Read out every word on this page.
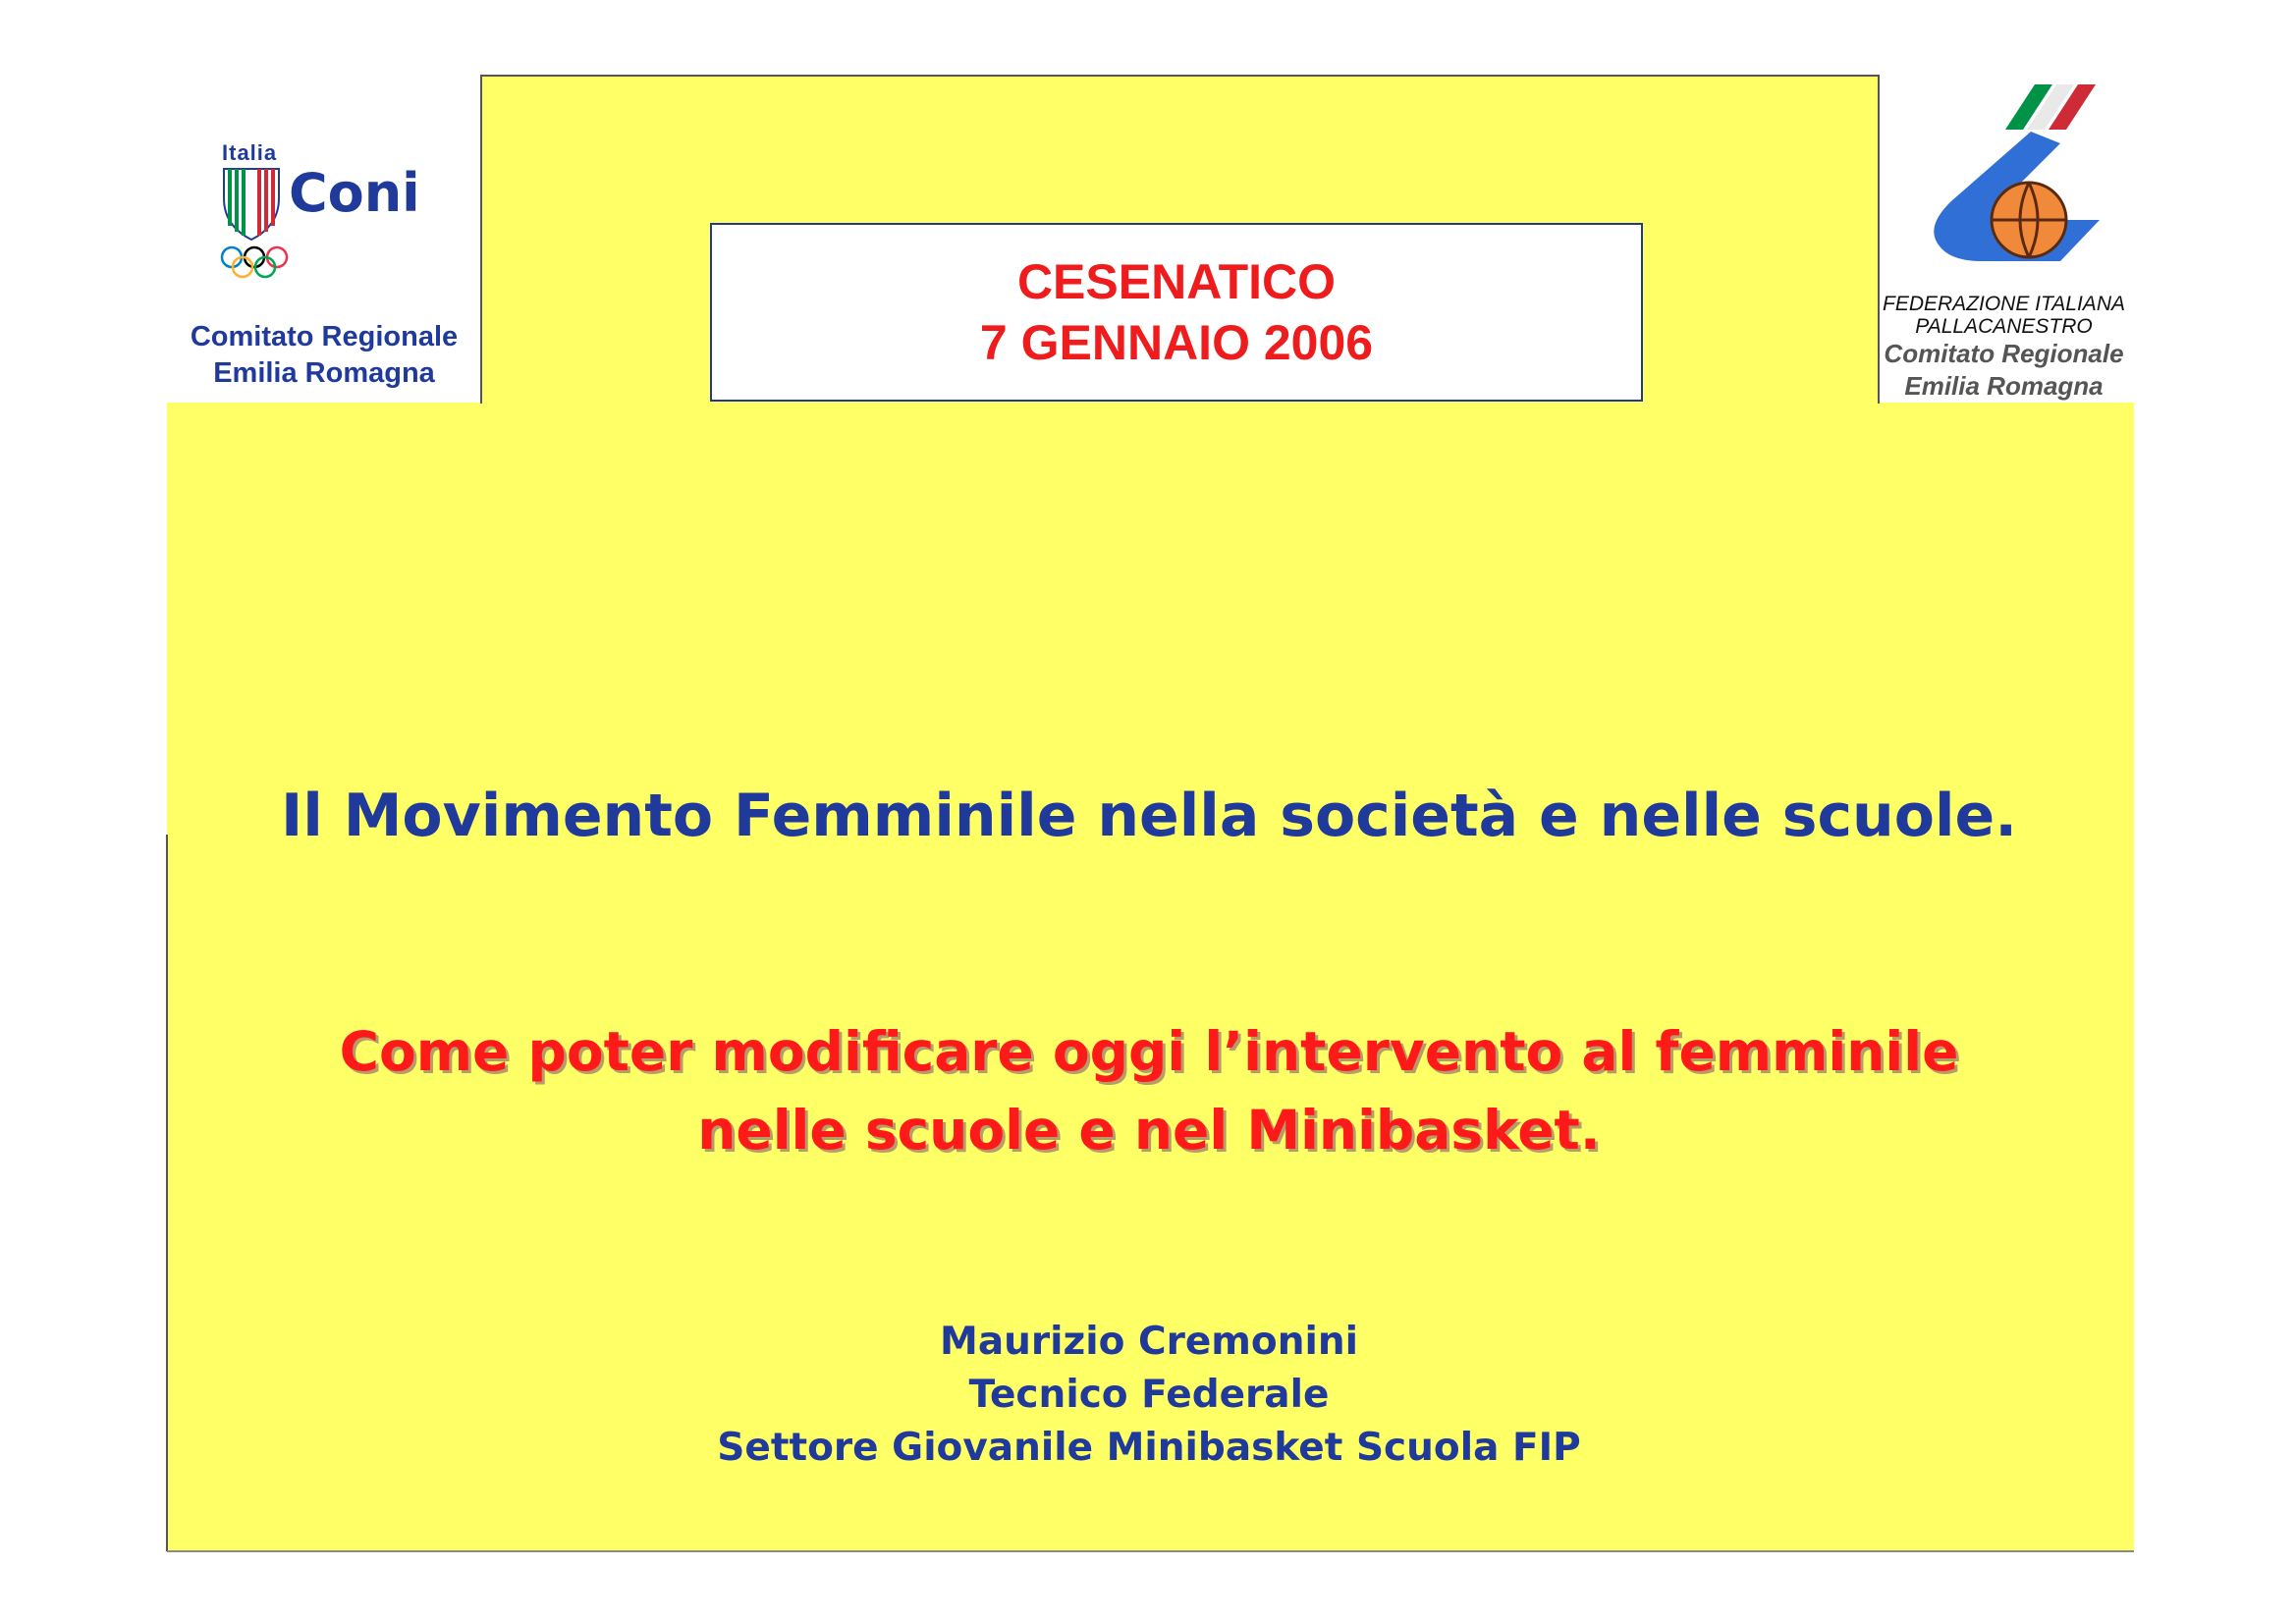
Italia
Coni
Comitato Regionale
Emilia Romagna
CESENATICO
7 GENNAIO 2006
FEDERAZIONE ITALIANA
PALLACANESTRO
Comitato Regionale
Emilia Romagna
Il Movimento Femminile nella società e nelle scuole.
Come poter modificare oggi l’intervento al femminile
nelle scuole e nel Minibasket.
Maurizio Cremonini
Tecnico Federale
Settore Giovanile Minibasket Scuola FIP
